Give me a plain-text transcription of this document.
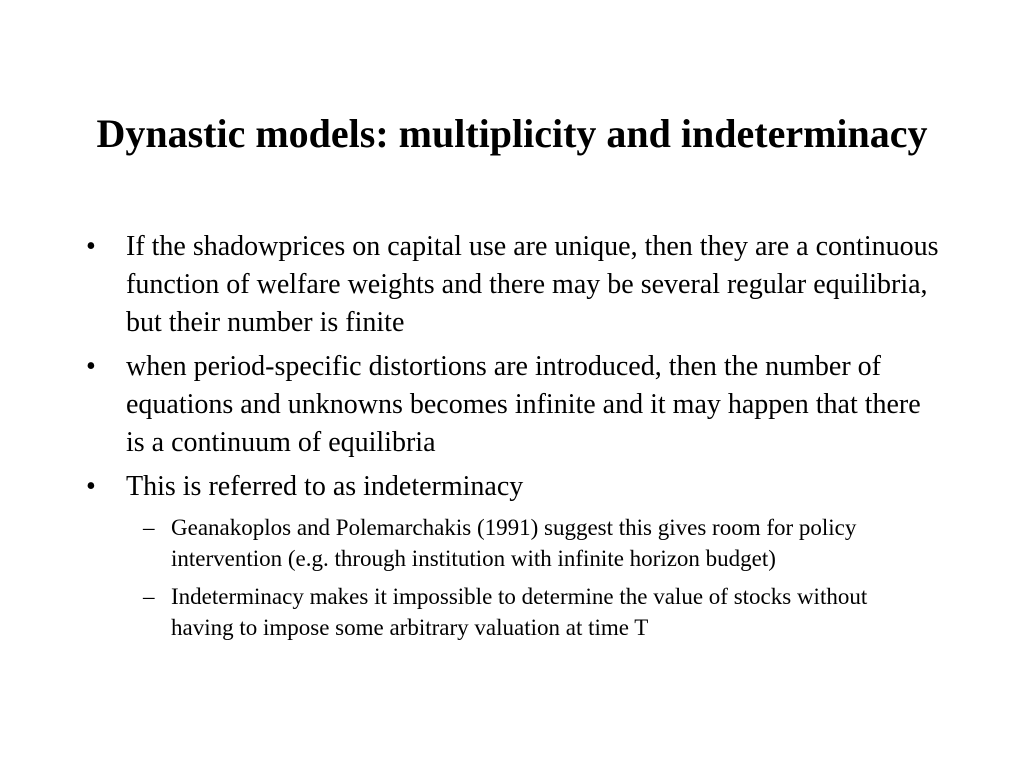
Dynastic models: multiplicity and indeterminacy
• If the shadowprices on capital use are unique, then they are a continuous function of welfare weights and there may be several regular equilibria, but their number is finite
• when period-specific distortions are introduced, then the number of equations and unknowns becomes infinite and it may happen that there is a continuum of equilibria
• This is referred to as indeterminacy
– Geanakoplos and Polemarchakis (1991) suggest this gives room for policy intervention (e.g. through institution with infinite horizon budget)
– Indeterminacy makes it impossible to determine the value of stocks without having to impose some arbitrary valuation at time T
